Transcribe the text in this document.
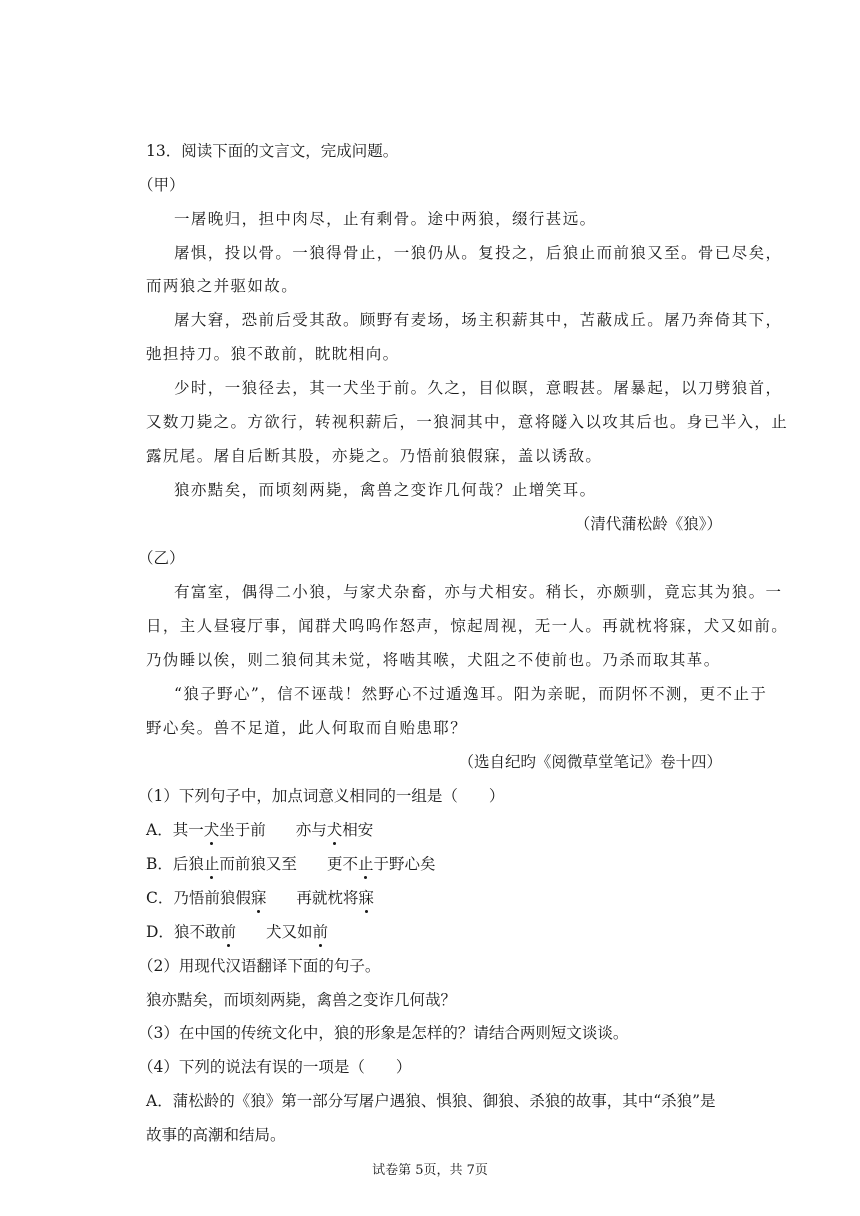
13．阅读下面的文言文，完成问题。
（甲）
一屠晚归，担中肉尽，止有剩骨。途中两狼，缀行甚远。
屠惧，投以骨。一狼得骨止，一狼仍从。复投之，后狼止而前狼又至。骨已尽矣，
而两狼之并驱如故。
屠大窘，恐前后受其敌。顾野有麦场，场主积薪其中，苫蔽成丘。屠乃奔倚其下，
弛担持刀。狼不敢前，眈眈相向。
少时，一狼径去，其一犬坐于前。久之，目似瞑，意暇甚。屠暴起，以刀劈狼首，
又数刀毙之。方欲行，转视积薪后，一狼洞其中，意将隧入以攻其后也。身已半入，止
露尻尾。屠自后断其股，亦毙之。乃悟前狼假寐，盖以诱敌。
狼亦黠矣，而顷刻两毙，禽兽之变诈几何哉？止增笑耳。
（清代蒲松龄《狼》）
（乙）
有富室，偶得二小狼，与家犬杂畜，亦与犬相安。稍长，亦颇驯，竟忘其为狼。一
日，主人昼寝厅事，闻群犬呜呜作怒声，惊起周视，无一人。再就枕将寐，犬又如前。
乃伪睡以俟，则二狼伺其未觉，将啮其喉，犬阻之不使前也。乃杀而取其革。
“狼子野心”，信不诬哉！然野心不过遁逸耳。阳为亲昵，而阴怀不测，更不止于
野心矣。兽不足道，此人何取而自贻患耶？
（选自纪昀《阅微草堂笔记》卷十四）
（1）下列句子中，加点词意义相同的一组是（　　）
A．其一犬坐于前 亦与犬相安
B．后狼止而前狼又至 更不止于野心矣
C．乃悟前狼假寐 再就枕将寐
D．狼不敢前 犬又如前
（2）用现代汉语翻译下面的句子。
狼亦黠矣，而顷刻两毙，禽兽之变诈几何哉？
（3）在中国的传统文化中，狼的形象是怎样的？请结合两则短文谈谈。
（4）下列的说法有误的一项是（　　）
A．蒲松龄的《狼》第一部分写屠户遇狼、惧狼、御狼、杀狼的故事，其中“杀狼”是
故事的高潮和结局。
试卷第 5页，共 7页
